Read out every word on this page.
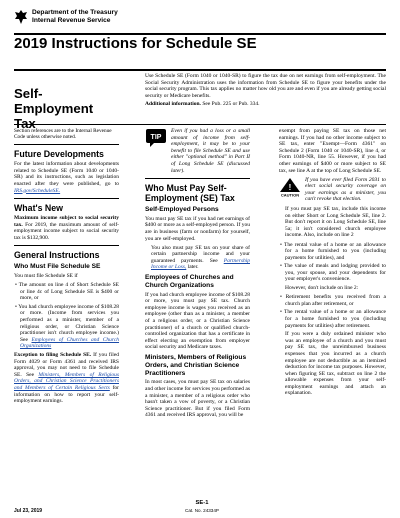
Department of the Treasury
Internal Revenue Service
2019 Instructions for Schedule SE
Self-Employment Tax
Use Schedule SE (Form 1040 or 1040-SR) to figure the tax due on net earnings from self-employment. The Social Security Administration uses the information from Schedule SE to figure your benefits under the social security program. This tax applies no matter how old you are and even if you are already getting social security or Medicare benefits.
Additional information. See Pub. 225 or Pub. 334.
Section references are to the Internal Revenue Code unless otherwise noted.
Future Developments

For the latest information about developments related to Schedule SE (Form 1040 or 1040-SR) and its instructions, such as legislation enacted after they were published, go to IRS.gov/ScheduleSE.

What's New

Maximum income subject to social security tax. For 2019, the maximum amount of self-employment income subject to social security tax is $132,900.

General Instructions
Who Must File Schedule SE

You must file Schedule SE if

• The amount on line 4 of Short Schedule SE or line 4c of Long Schedule SE is $400 or more, or
• You had church employee income of $108.28 or more. (Income from services you performed as a minister, member of a religious order, or Christian Science practitioner isn't church employee income.) See Employees of Churches and Church Organizations

Exception to filing Schedule SE. If you filed Form 4029 or Form 4361 and received IRS approval, you may not need to file Schedule SE. See Ministers, Members of Religious Orders, and Christian Science Practitioners and Members of Certain Religious Sects for information on how to report your self-employment earnings.

TIP
Even if you had a loss or a small amount of income from self-employment, it may be to your benefit to file Schedule SE and use either "optional method" in Part II of Long Schedule SE (discussed later).
Who Must Pay Self-Employment (SE) Tax
Self-Employed Persons

You must pay SE tax if you had net earnings of $400 or more as a self-employed person. If you are in business (farm or nonfarm) for yourself, you are self-employed.

You also must pay SE tax on your share of certain partnership income and your guaranteed payments. See Partnership Income or Loss, later.

Employees of Churches and Church Organizations

If you had church employee income of $108.28 or more, you must pay SE tax. Church employee income is wages you received as an employee (other than as a minister, a member of a religious order, or a Christian Science practitioner) of a church or qualified church-controlled organization that has a certificate in effect electing an exemption from employer social security and Medicare taxes.

Ministers, Members of Religious Orders, and Christian Science Practitioners

In most cases, you must pay SE tax on salaries and other income for services you performed as a minister, a member of a religious order who hasn't taken a vow of poverty, or a Christian Science practitioner. But if you filed Form 4361 and received IRS approval, you will be

exempt from paying SE tax on those net earnings. If you had no other income subject to SE tax, enter "Exempt—Form 4361" on Schedule 2 (Form 1040 or 1040-SR), line 4, or Form 1040-NR, line 55. However, if you had other earnings of $400 or more subject to SE tax, see line A at the top of Long Schedule SE.

!
CAUTION
If you have ever filed Form 2031 to elect social security coverage on your earnings as a minister, you can't revoke that election.

If you must pay SE tax, include this income on either Short or Long Schedule SE, line 2. But don't report it on Long Schedule SE, line 5a; it isn't considered church employee income. Also, include on line 2

• The rental value of a home or an allowance for a home furnished to you (including payments for utilities), and
• The value of meals and lodging provided to you, your spouse, and your dependents for your employer's convenience.

However, don't include on line 2:

• Retirement benefits you received from a church plan after retirement, or
• The rental value of a home or an allowance for a home furnished to you (including payments for utilities) after retirement.

If you were a duly ordained minister who was an employee of a church and you must pay SE tax, the unreimbursed business expenses that you incurred as a church employee are not deductible as an itemized deduction for income tax purposes. However, when figuring SE tax, subtract on line 2 the allowable expenses from your self-employment earnings and attach an explanation.

Jul 23, 2019
SE-1
Cat. No. 24334P
